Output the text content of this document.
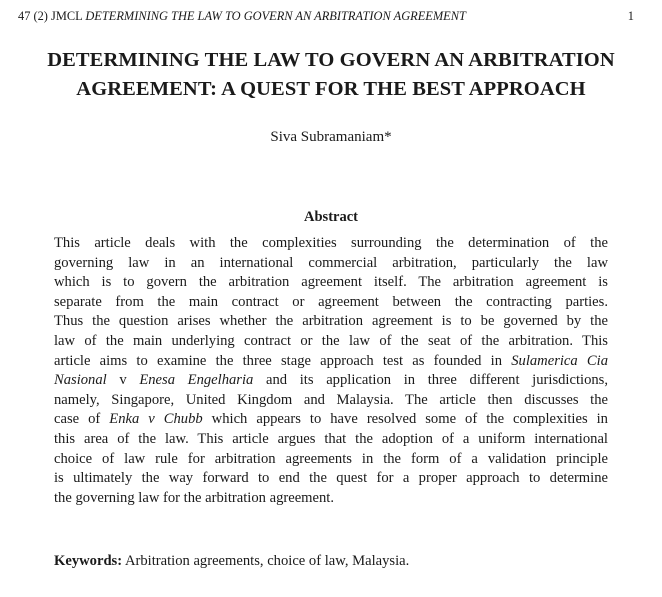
47 (2) JMCL DETERMINING THE LAW TO GOVERN AN ARBITRATION AGREEMENT	1
DETERMINING THE LAW TO GOVERN AN ARBITRATION
AGREEMENT: A QUEST FOR THE BEST APPROACH
Siva Subramaniam*
Abstract
This article deals with the complexities surrounding the determination of the
governing law in an international commercial arbitration, particularly the law
which is to govern the arbitration agreement itself. The arbitration agreement is
separate from the main contract or agreement between the contracting parties.
Thus the question arises whether the arbitration agreement is to be governed by the
law of the main underlying contract or the law of the seat of the arbitration. This
article aims to examine the three stage approach test as founded in Sulamerica Cia
Nasional v Enesa Engelharia and its application in three different jurisdictions,
namely, Singapore, United Kingdom and Malaysia. The article then discusses the
case of Enka v Chubb which appears to have resolved some of the complexities in
this area of the law. This article argues that the adoption of a uniform international
choice of law rule for arbitration agreements in the form of a validation principle
is ultimately the way forward to end the quest for a proper approach to determine
the governing law for the arbitration agreement.
Keywords: Arbitration agreements, choice of law, Malaysia.
